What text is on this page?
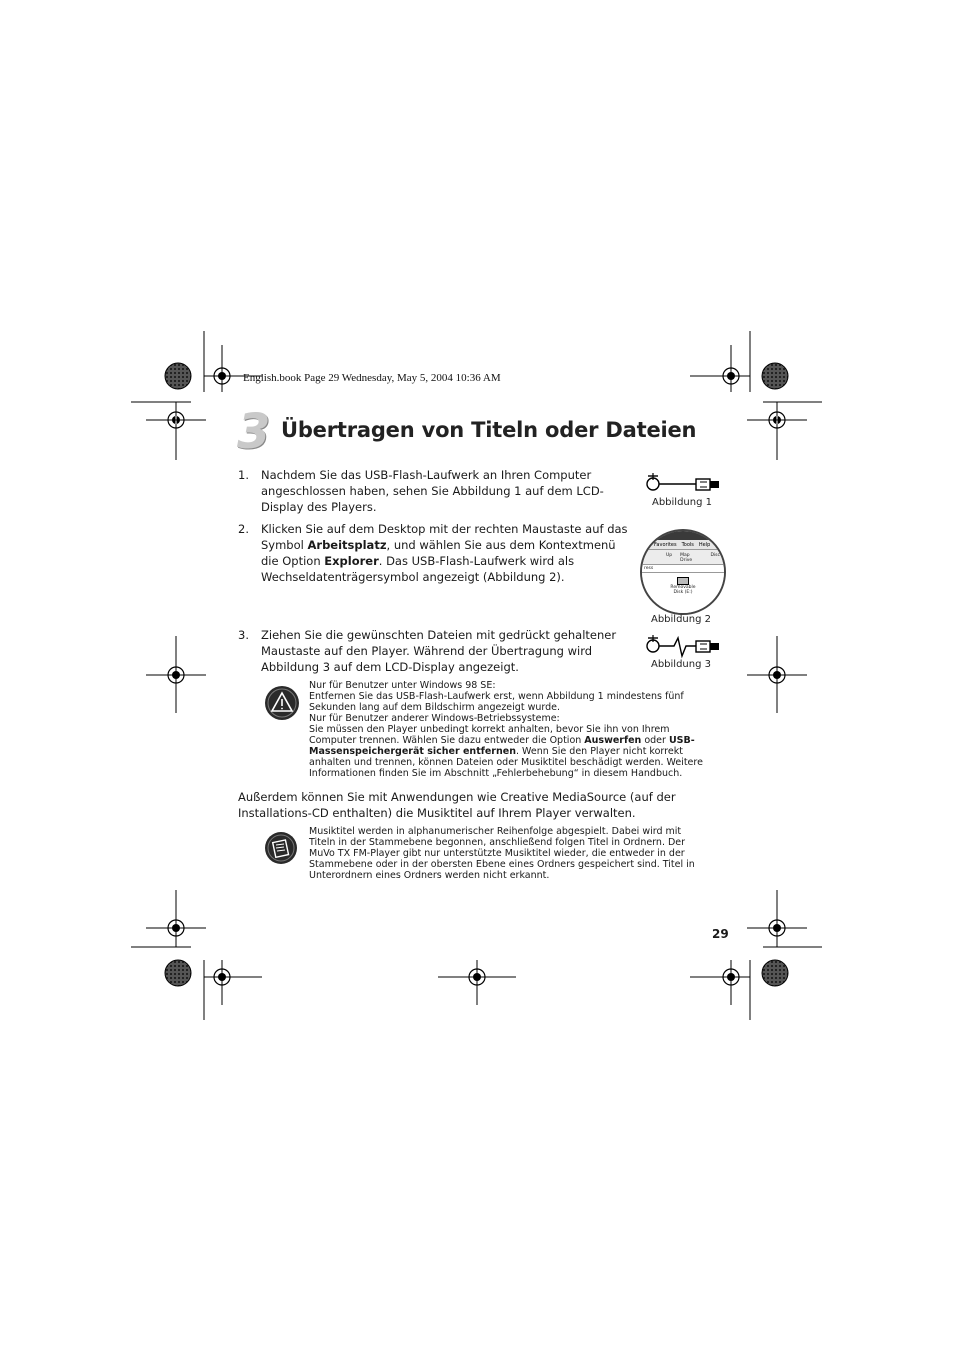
English.book Page 29 Wednesday, May 5, 2004 10:36 AM
3 Übertragen von Titeln oder Dateien
1.	Nachdem Sie das USB-Flash-Laufwerk an Ihren Computer angeschlossen haben, sehen Sie Abbildung 1 auf dem LCD-Display des Players.
2.	Klicken Sie auf dem Desktop mit der rechten Maustaste auf das Symbol Arbeitsplatz, und wählen Sie aus dem Kontextmenü die Option Explorer. Das USB-Flash-Laufwerk wird als Wechseldatenträgersymbol angezeigt (Abbildung 2).
3.	Ziehen Sie die gewünschten Dateien mit gedrückt gehaltener Maustaste auf den Player. Während der Übertragung wird Abbildung 3 auf dem LCD-Display angezeigt.
Abbildung 1
Favorites Tools Help
Up Map Drive
Disc
ress
Removable
Disk (E:)
Abbildung 2
Abbildung 3
Nur für Benutzer unter Windows 98 SE:
Entfernen Sie das USB-Flash-Laufwerk erst, wenn Abbildung 1 mindestens fünf Sekunden lang auf dem Bildschirm angezeigt wurde.
Nur für Benutzer anderer Windows-Betriebssysteme:
Sie müssen den Player unbedingt korrekt anhalten, bevor Sie ihn von Ihrem Computer trennen. Wählen Sie dazu entweder die Option Auswerfen oder USB-Massenspeichergerät sicher entfernen. Wenn Sie den Player nicht korrekt anhalten und trennen, können Dateien oder Musiktitel beschädigt werden. Weitere Informationen finden Sie im Abschnitt „Fehlerbehebung“ in diesem Handbuch.
Außerdem können Sie mit Anwendungen wie Creative MediaSource (auf der Installations-CD enthalten) die Musiktitel auf Ihrem Player verwalten.
Musiktitel werden in alphanumerischer Reihenfolge abgespielt. Dabei wird mit Titeln in der Stammebene begonnen, anschließend folgen Titel in Ordnern. Der MuVo TX FM-Player gibt nur unterstützte Musiktitel wieder, die entweder in der Stammebene oder in der obersten Ebene eines Ordners gespeichert sind. Titel in Unterordnern eines Ordners werden nicht erkannt.
29
